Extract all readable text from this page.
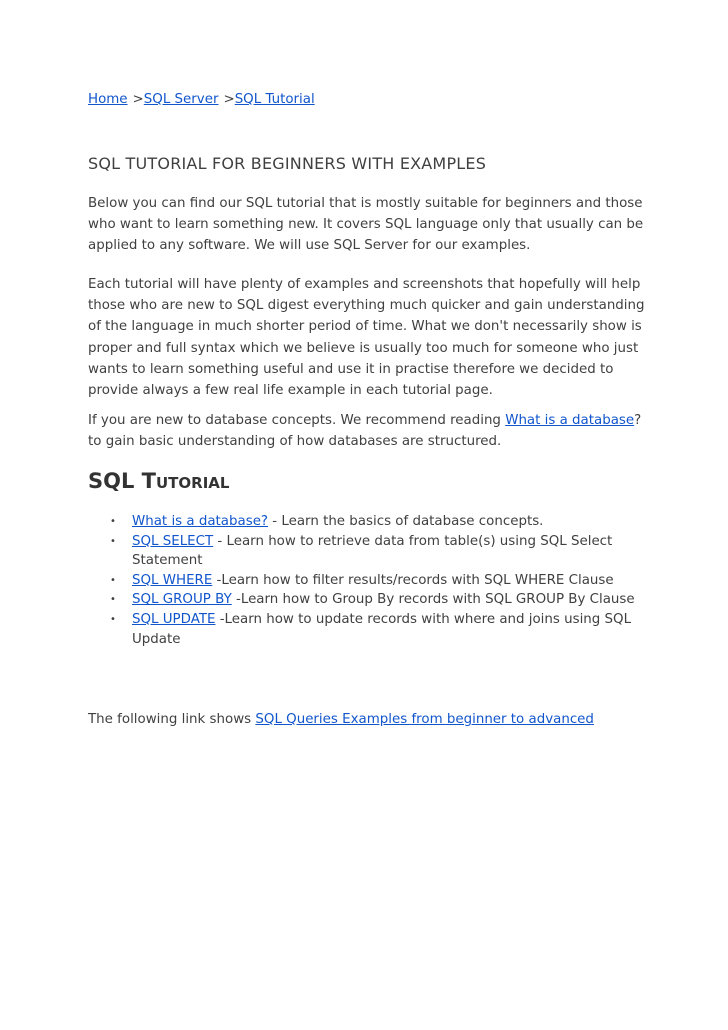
Home >SQL Server >SQL Tutorial
SQL TUTORIAL FOR BEGINNERS WITH EXAMPLES

Below you can find our SQL tutorial that is mostly suitable for beginners and those who want to learn something new. It covers SQL language only that usually can be applied to any software. We will use SQL Server for our examples.

Each tutorial will have plenty of examples and screenshots that hopefully will help those who are new to SQL digest everything much quicker and gain understanding of the language in much shorter period of time. What we don't necessarily show is proper and full syntax which we believe is usually too much for someone who just wants to learn something useful and use it in practise therefore we decided to provide always a few real life example in each tutorial page.

If you are new to database concepts. We recommend reading What is a database? to gain basic understanding of how databases are structured.

SQL Tutorial
• What is a database? - Learn the basics of database concepts.
• SQL SELECT - Learn how to retrieve data from table(s) using SQL Select Statement
• SQL WHERE -Learn how to filter results/records with SQL WHERE Clause
• SQL GROUP BY -Learn how to Group By records with SQL GROUP By Clause
• SQL UPDATE -Learn how to update records with where and joins using SQL Update
The following link shows SQL Queries Examples from beginner to advanced
